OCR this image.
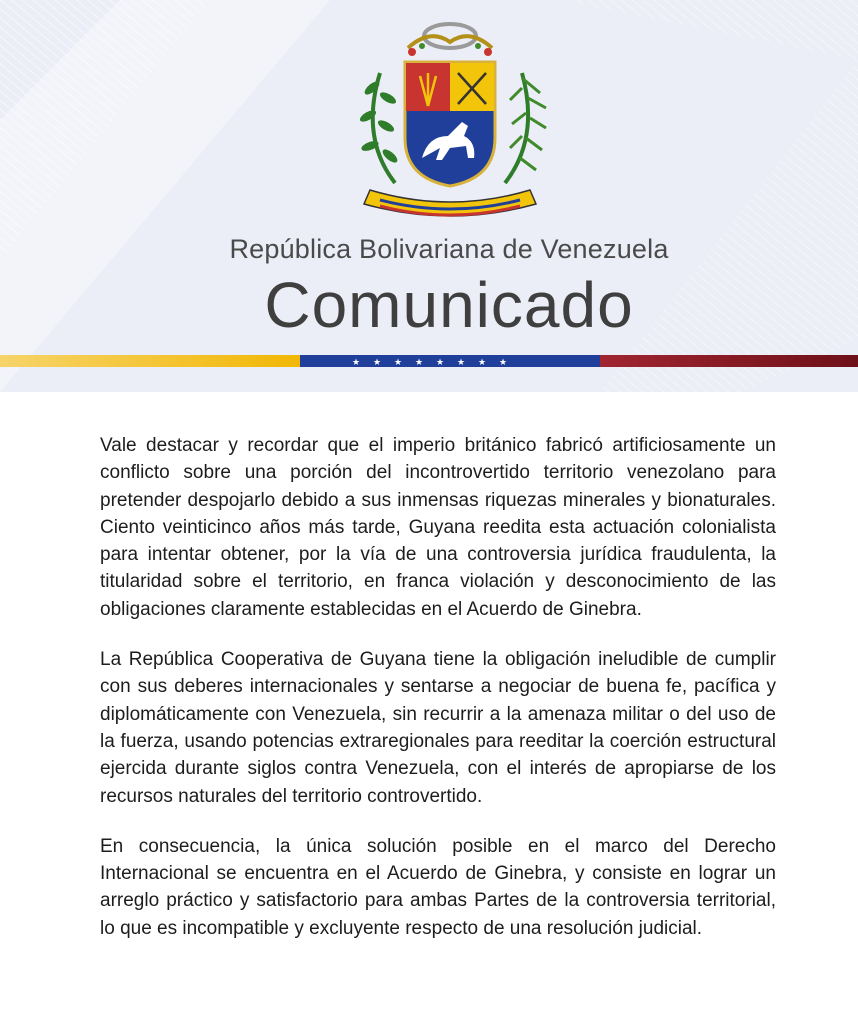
República Bolivariana de Venezuela
Comunicado
★ ★ ★ ★ ★ ★ ★ ★

Vale destacar y recordar que el imperio británico fabricó artificiosamente un conflicto sobre una porción del incontrovertido territorio venezolano para pretender despojarlo debido a sus inmensas riquezas minerales y bionaturales. Ciento veinticinco años más tarde, Guyana reedita esta actuación colonialista para intentar obtener, por la vía de una controversia jurídica fraudulenta, la titularidad sobre el territorio, en franca violación y desconocimiento de las obligaciones claramente establecidas en el Acuerdo de Ginebra.

La República Cooperativa de Guyana tiene la obligación ineludible de cumplir con sus deberes internacionales y sentarse a negociar de buena fe, pacífica y diplomáticamente con Venezuela, sin recurrir a la amenaza militar o del uso de la fuerza, usando potencias extraregionales para reeditar la coerción estructural ejercida durante siglos contra Venezuela, con el interés de apropiarse de los recursos naturales del territorio controvertido.

En consecuencia, la única solución posible en el marco del Derecho Internacional se encuentra en el Acuerdo de Ginebra, y consiste en lograr un arreglo práctico y satisfactorio para ambas Partes de la controversia territorial, lo que es incompatible y excluyente respecto de una resolución judicial.
